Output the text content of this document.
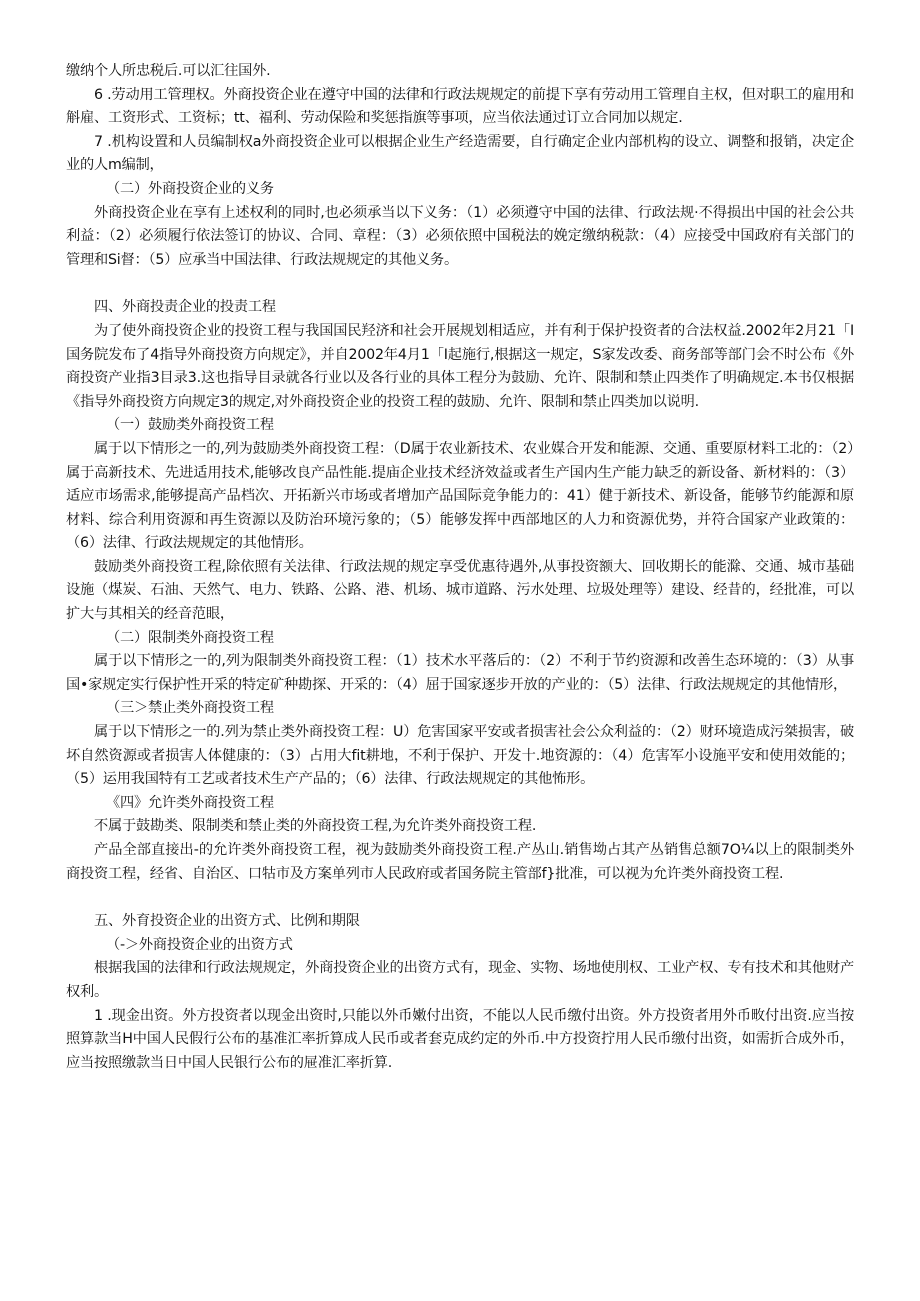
缴纳个人所忠税后.可以汇往国外.

6 .劳动用工管理权。外商投资企业在遵守中国的法律和行政法规规定的前提下享有劳动用工管理自主权，但对职工的雇用和斛雇、工资形式、工资标；tt、福利、劳动保险和奖惩指旗等事项，应当依法通过订立合同加以规定.

7 .机构设置和人员编制权a外商投资企业可以根据企业生产经造需要，自行确定企业内部机构的设立、调整和报销，决定企业的人m编制，

（二）外商投资企业的义务

外商投资企业在享有上述权利的同时,也必须承当以下义务：（1）必须遵守中国的法律、行政法规·不得损出中国的社会公共利益：（2）必须履行依法签订的协议、合同、章程：（3）必须依照中国税法的娩定缴纳税款：（4）应接受中国政府有关部门的管理和Si督：（5）应承当中国法律、行政法规规定的其他义务。

四、外商投责企业的投责工程

为了使外商投资企业的投资工程与我国国民羟济和社会开展规划相适应，并有利于保护投资者的合法权益.2002年2月21「I国务院发布了4指导外商投资方向规定》，并自2002年4月1「I起施行,根据这一规定，S家发改委、商务部等部门会不时公布《外商投资产业指3目录3.这也指导目录就各行业以及各行业的具体工程分为鼓励、允许、限制和禁止四类作了明确规定.本书仅根据《指导外商投资方向规定3的规定,对外商投资企业的投资工程的鼓励、允许、限制和禁止四类加以说明.

（一）鼓励类外商投资工程

属于以下情形之一的,列为鼓励类外商投资工程：（D属于农业新技术、农业媒合开发和能源、交通、重要原材料工北的：（2）属于高新技术、先进适用技术,能够改良产品性能.提庙企业技术经济效益或者生产国内生产能力缺乏的新设备、新材料的：（3）适应市场需求,能够提高产品档次、开拓新兴市场或者增加产品国际竞争能力的：41）健于新技术、新设备，能够节约能源和原材料、综合利用资源和再生资源以及防治环境污象的；（5）能够发挥中西部地区的人力和资源优势，并符合国家产业政策的：（6）法律、行政法规规定的其他情形。

鼓励类外商投资工程,除依照有关法律、行政法规的规定享受优惠待遇外,从事投资额大、回收期长的能滁、交通、城市基础设施（煤炭、石油、天然气、电力、铁路、公路、港、机场、城市道路、污水处理、垃圾处理等）建设、经昔的，经批准，可以扩大与其相关的经音范眼，

（二）限制类外商投资工程

属于以下情形之一的,列为限制类外商投资工程：（1）技术水平落后的：（2）不利于节约资源和改善生态环境的：（3）从事国•家规定实行保护性开采的特定矿种勘探、开采的：（4）屈于国家逐步开放的产业的：（5）法律、行政法规规定的其他情形，

（三＞禁止类外商投资工程

属于以下情形之一的.列为禁止类外商投资工程：U）危害国家平安或者损害社会公众利益的：（2）财环境造成污桀损害，破坏自然资源或者损害人体健康的：（3）占用大fit耕地，不利于保护、开发十.地资源的：（4）危害军小设施平安和使用效能的；（5）运用我国特有工艺或者技术生产产品的；（6）法律、行政法规规定的其他怖形。

《四》允许类外商投资工程

不属于鼓勘类、限制类和禁止类的外商投资工程,为允许类外商投资工程.

产品全部直接出-的允许类外商投资工程，视为鼓励类外商投资工程.产丛山.销售坳占其产丛销售总额7O¼以上的限制类外商投资工程，经省、自治区、口牯市及方案单列市人民政府或者国务院主管部f}批准，可以视为允许类外商投资工程.

五、外育投资企业的出资方式、比例和期限

（-＞外商投资企业的出资方式

根据我国的法律和行政法规规定，外商投资企业的出资方式有，现金、实物、场地使刖权、工业产权、专有技术和其他财产权利。

1 .现金出资。外方投资者以现金出资时,只能以外币嫩付出资，不能以人民币缴付出资。外方投资者用外币畋付出资.应当按照算款当H中国人民假行公布的基准汇率折算成人民币或者套克成约定的外币.中方投资拧用人民币缴付出资，如需折合成外币，应当按照缴款当日中国人民银行公布的屉准汇率折算.
